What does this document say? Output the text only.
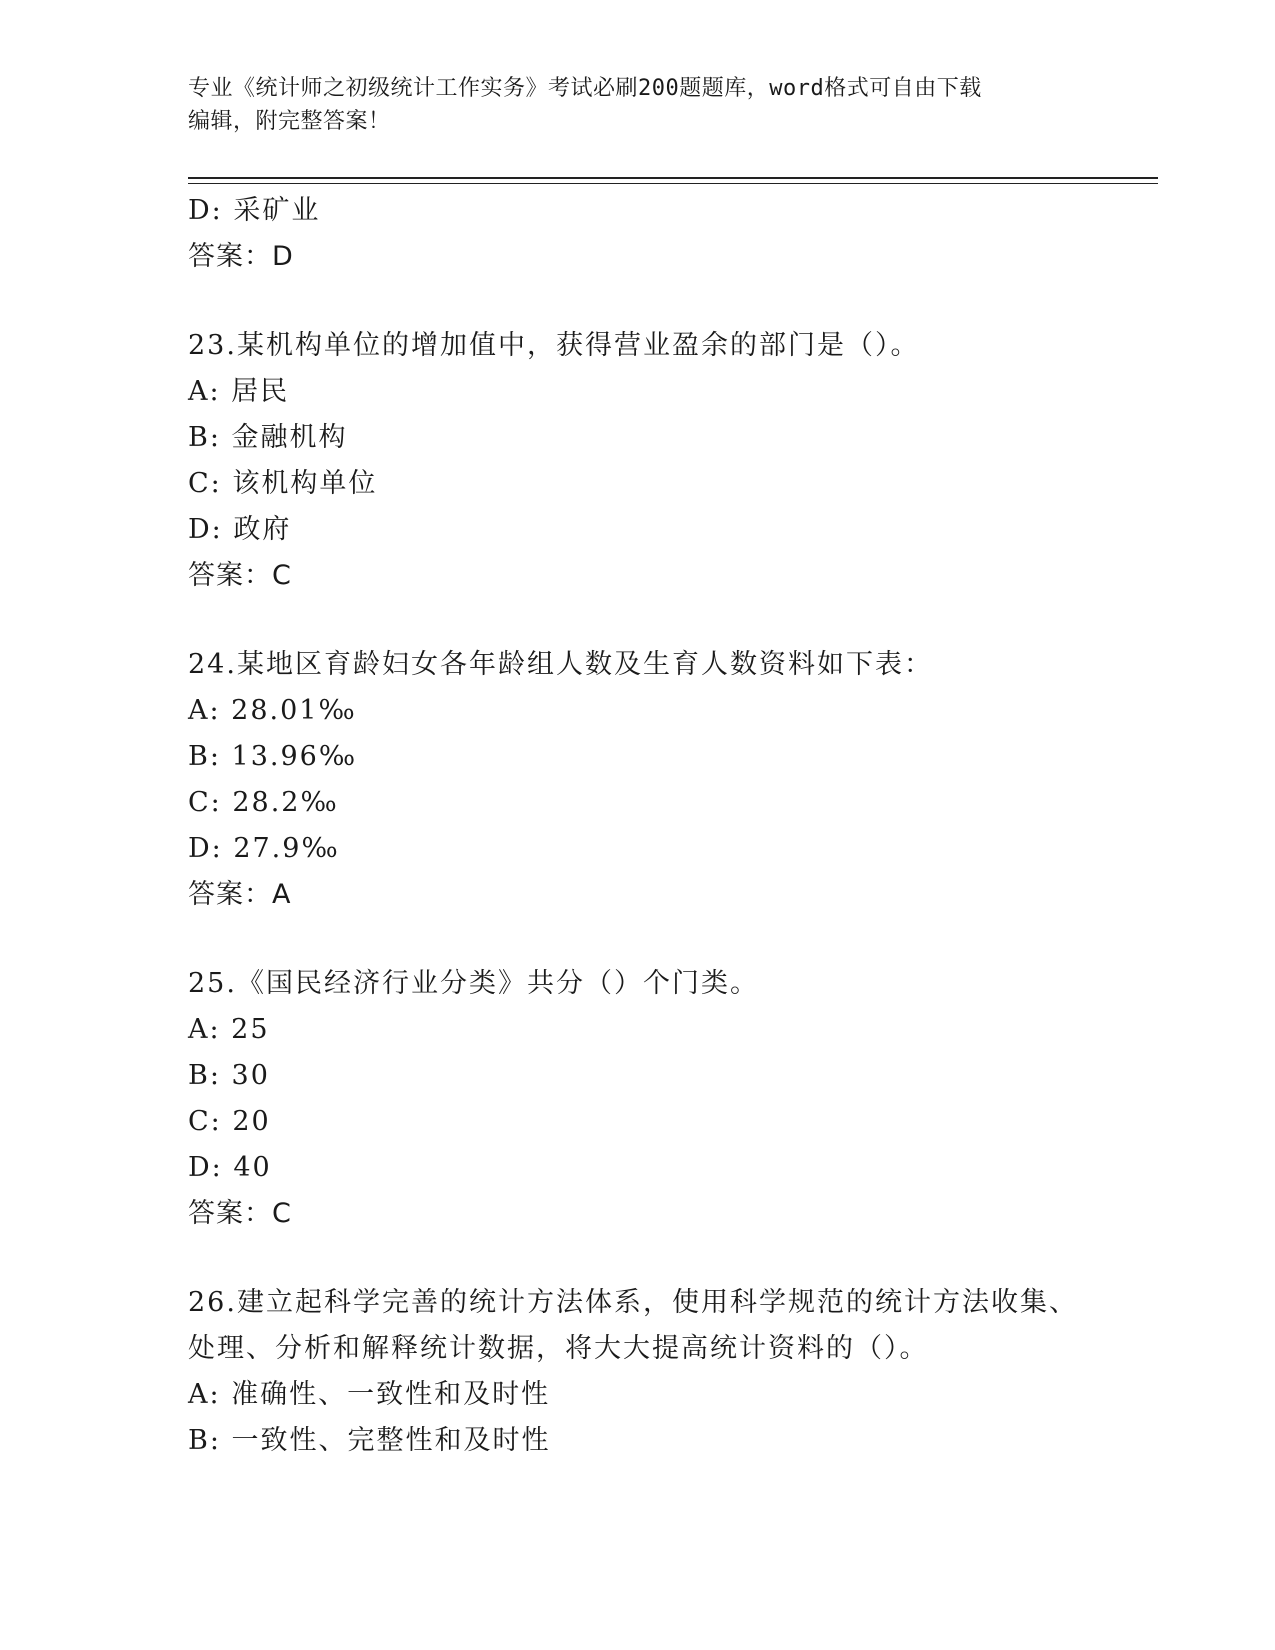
专业《统计师之初级统计工作实务》考试必刷200题题库，word格式可自由下载
编辑，附完整答案！
D: 采矿业
答案：D
23.某机构单位的增加值中，获得营业盈余的部门是（）。
A: 居民
B: 金融机构
C: 该机构单位
D: 政府
答案：C
24.某地区育龄妇女各年龄组人数及生育人数资料如下表：
A: 28.01‰
B: 13.96‰
C: 28.2‰
D: 27.9‰
答案：A
25.《国民经济行业分类》共分（）个门类。
A: 25
B: 30
C: 20
D: 40
答案：C
26.建立起科学完善的统计方法体系，使用科学规范的统计方法收集、
处理、分析和解释统计数据，将大大提高统计资料的（）。
A: 准确性、一致性和及时性
B: 一致性、完整性和及时性
